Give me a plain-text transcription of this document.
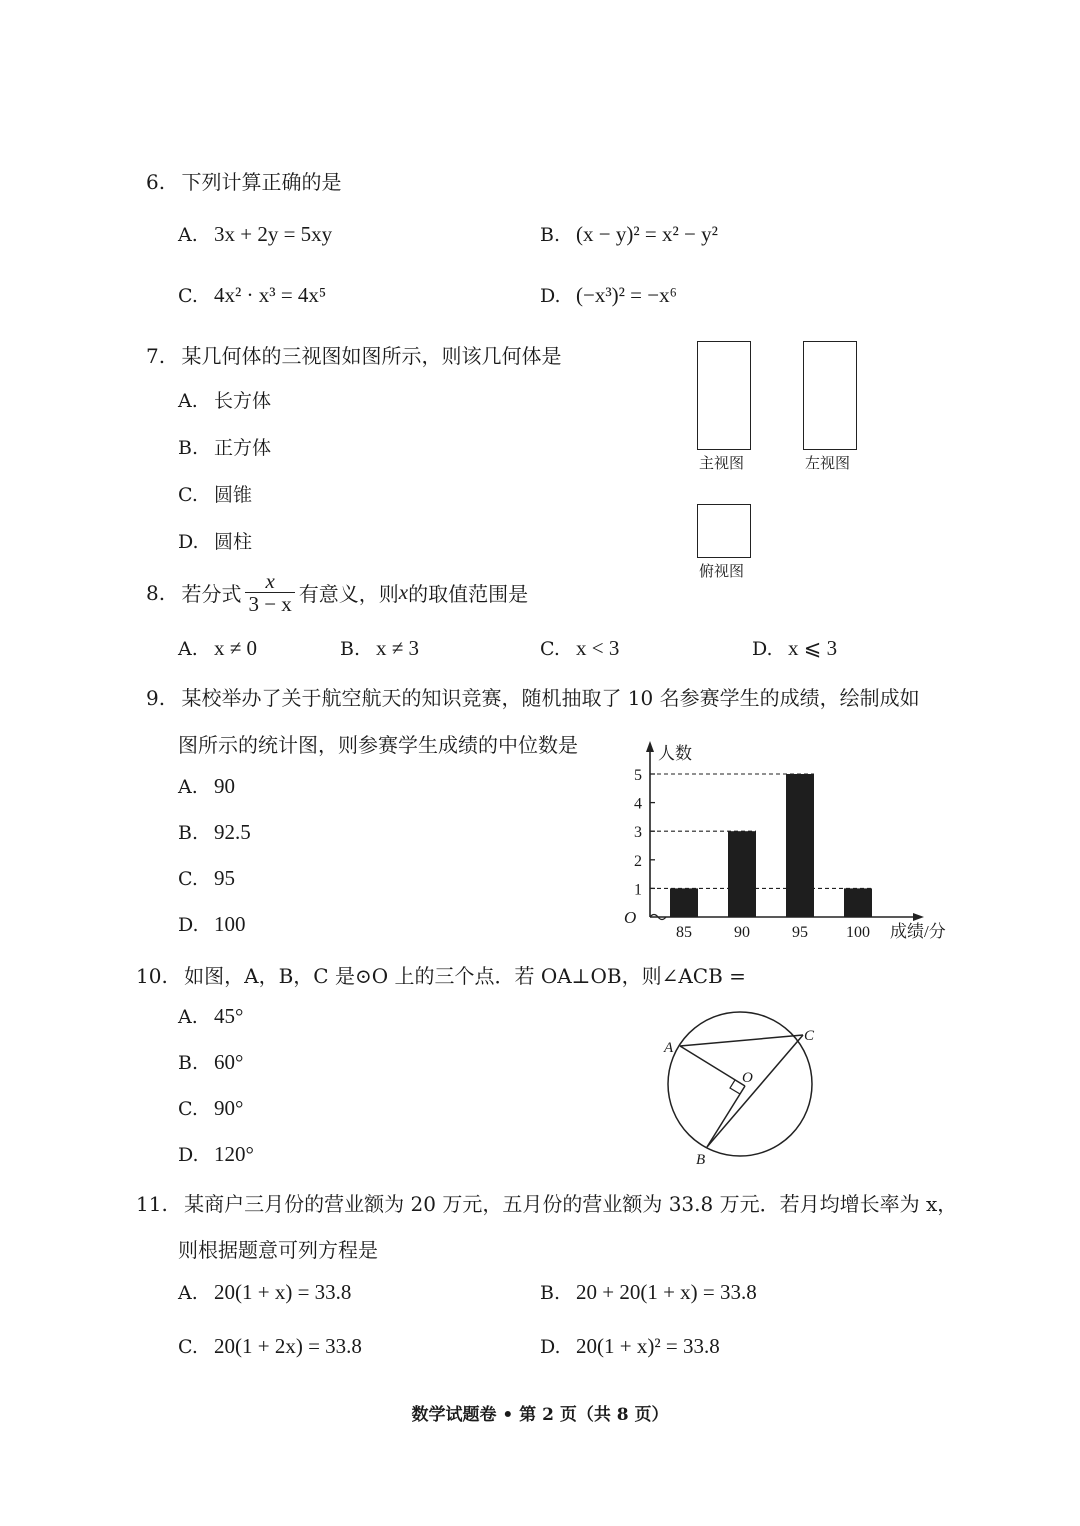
6. 下列计算正确的是
A. 3x + 2y = 5xy	B. (x − y)² = x² − y²
C. 4x² · x³ = 4x⁵	D. (−x³)² = −x⁶
7. 某几何体的三视图如图所示，则该几何体是
A. 长方体
B. 正方体
C. 圆锥
D. 圆柱
主视图	左视图
俯视图
8. 若分式 $\frac{x}{3 - x}$ 有意义，则x的取值范围是
A. x ≠ 0	B. x ≠ 3	C. x < 3	D. x ⩽ 3
9. 某校举办了关于航空航天的知识竞赛，随机抽取了 10 名参赛学生的成绩，绘制成如
图所示的统计图，则参赛学生成绩的中位数是
A. 90
B. 92.5
C. 95
D. 100
人数
成绩/分
O
1
2
3
4
5
85	90	95 100
10. 如图，A，B，C 是⊙O 上的三个点．若 OA⊥OB，则∠ACB =
A. 45°
B. 60°
C. 90°
D. 120°
A
C
O
B
11. 某商户三月份的营业额为 20 万元，五月份的营业额为 33.8 万元．若月均增长率为 x，
则根据题意可列方程是
A. 20(1 + x) = 33.8	B. 20 + 20(1 + x) = 33.8
C. 20(1 + 2x) = 33.8	D. 20(1 + x)² = 33.8
数学试题卷 • 第 2 页（共 8 页）
